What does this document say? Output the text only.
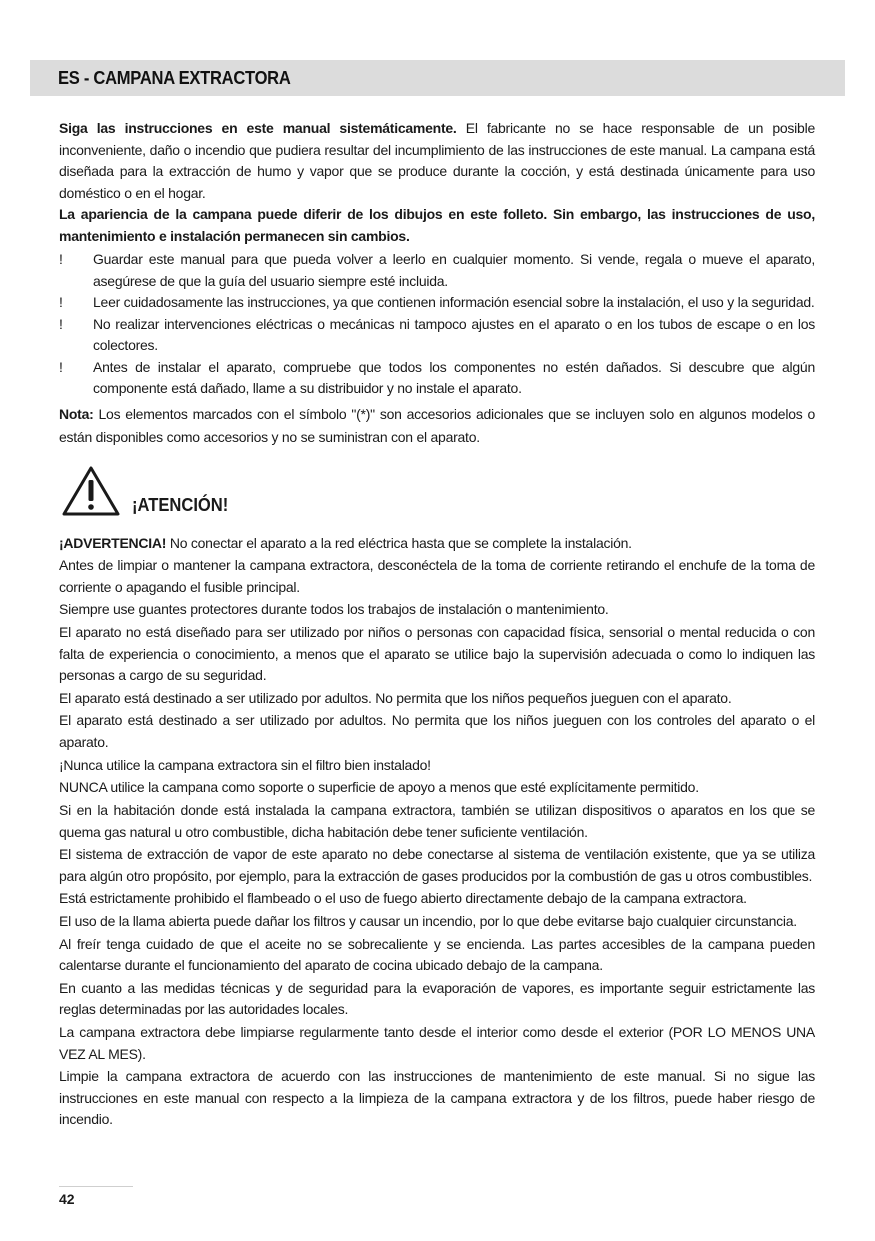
ES - CAMPANA EXTRACTORA

Siga las instrucciones en este manual sistemáticamente. El fabricante no se hace responsable de un posible inconveniente, daño o incendio que pudiera resultar del incumplimiento de las instrucciones de este manual. La campana está diseñada para la extracción de humo y vapor que se produce durante la cocción, y está destinada únicamente para uso doméstico o en el hogar.

La apariencia de la campana puede diferir de los dibujos en este folleto. Sin embargo, las instrucciones de uso, mantenimiento e instalación permanecen sin cambios.

! Guardar este manual para que pueda volver a leerlo en cualquier momento. Si vende, regala o mueve el aparato, asegúrese de que la guía del usuario siempre esté incluida.
! Leer cuidadosamente las instrucciones, ya que contienen información esencial sobre la instalación, el uso y la seguridad.
! No realizar intervenciones eléctricas o mecánicas ni tampoco ajustes en el aparato o en los tubos de escape o en los colectores.
! Antes de instalar el aparato, compruebe que todos los componentes no estén dañados. Si descubre que algún componente está dañado, llame a su distribuidor y no instale el aparato.

Nota: Los elementos marcados con el símbolo "(*)" son accesorios adicionales que se incluyen solo en algunos modelos o están disponibles como accesorios y no se suministran con el aparato.

¡ATENCIÓN!

¡ADVERTENCIA! No conectar el aparato a la red eléctrica hasta que se complete la instalación.

Antes de limpiar o mantener la campana extractora, desconéctela de la toma de corriente retirando el enchufe de la toma de corriente o apagando el fusible principal.

Siempre use guantes protectores durante todos los trabajos de instalación o mantenimiento.

El aparato no está diseñado para ser utilizado por niños o personas con capacidad física, sensorial o mental reducida o con falta de experiencia o conocimiento, a menos que el aparato se utilice bajo la supervisión adecuada o como lo indiquen las personas a cargo de su seguridad.

El aparato está destinado a ser utilizado por adultos. No permita que los niños pequeños jueguen con el aparato.

El aparato está destinado a ser utilizado por adultos. No permita que los niños jueguen con los controles del aparato o el aparato.

¡Nunca utilice la campana extractora sin el filtro bien instalado!

NUNCA utilice la campana como soporte o superficie de apoyo a menos que esté explícitamente permitido.

Si en la habitación donde está instalada la campana extractora, también se utilizan dispositivos o aparatos en los que se quema gas natural u otro combustible, dicha habitación debe tener suficiente ventilación.

El sistema de extracción de vapor de este aparato no debe conectarse al sistema de ventilación existente, que ya se utiliza para algún otro propósito, por ejemplo, para la extracción de gases producidos por la combustión de gas u otros combustibles.

Está estrictamente prohibido el flambeado o el uso de fuego abierto directamente debajo de la campana extractora.

El uso de la llama abierta puede dañar los filtros y causar un incendio, por lo que debe evitarse bajo cualquier circunstancia.

Al freír tenga cuidado de que el aceite no se sobrecaliente y se encienda. Las partes accesibles de la campana pueden calentarse durante el funcionamiento del aparato de cocina ubicado debajo de la campana.

En cuanto a las medidas técnicas y de seguridad para la evaporación de vapores, es importante seguir estrictamente las reglas determinadas por las autoridades locales.

La campana extractora debe limpiarse regularmente tanto desde el interior como desde el exterior (POR LO MENOS UNA VEZ AL MES).

Limpie la campana extractora de acuerdo con las instrucciones de mantenimiento de este manual. Si no sigue las instrucciones en este manual con respecto a la limpieza de la campana extractora y de los filtros, puede haber riesgo de incendio.

42
